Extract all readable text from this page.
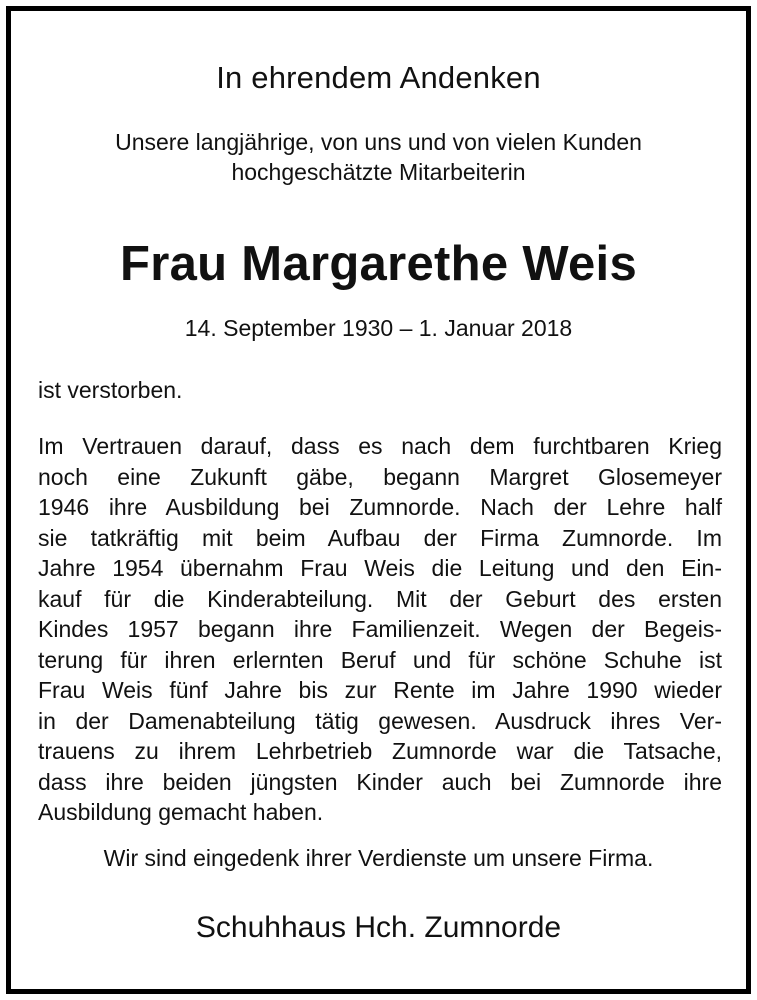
In ehrendem Andenken
Unsere langjährige, von uns und von vielen Kunden
hochgeschätzte Mitarbeiterin
Frau Margarethe Weis
14. September 1930 – 1. Januar 2018
ist verstorben.
Im Vertrauen darauf, dass es nach dem furchtbaren Krieg
noch eine Zukunft gäbe, begann Margret Glosemeyer
1946 ihre Ausbildung bei Zumnorde. Nach der Lehre half
sie tatkräftig mit beim Aufbau der Firma Zumnorde. Im
Jahre 1954 übernahm Frau Weis die Leitung und den Ein-
kauf für die Kinderabteilung. Mit der Geburt des ersten
Kindes 1957 begann ihre Familienzeit. Wegen der Begeis-
terung für ihren erlernten Beruf und für schöne Schuhe ist
Frau Weis fünf Jahre bis zur Rente im Jahre 1990 wieder
in der Damenabteilung tätig gewesen. Ausdruck ihres Ver-
trauens zu ihrem Lehrbetrieb Zumnorde war die Tatsache,
dass ihre beiden jüngsten Kinder auch bei Zumnorde ihre
Ausbildung gemacht haben.
Wir sind eingedenk ihrer Verdienste um unsere Firma.
Schuhhaus Hch. Zumnorde
